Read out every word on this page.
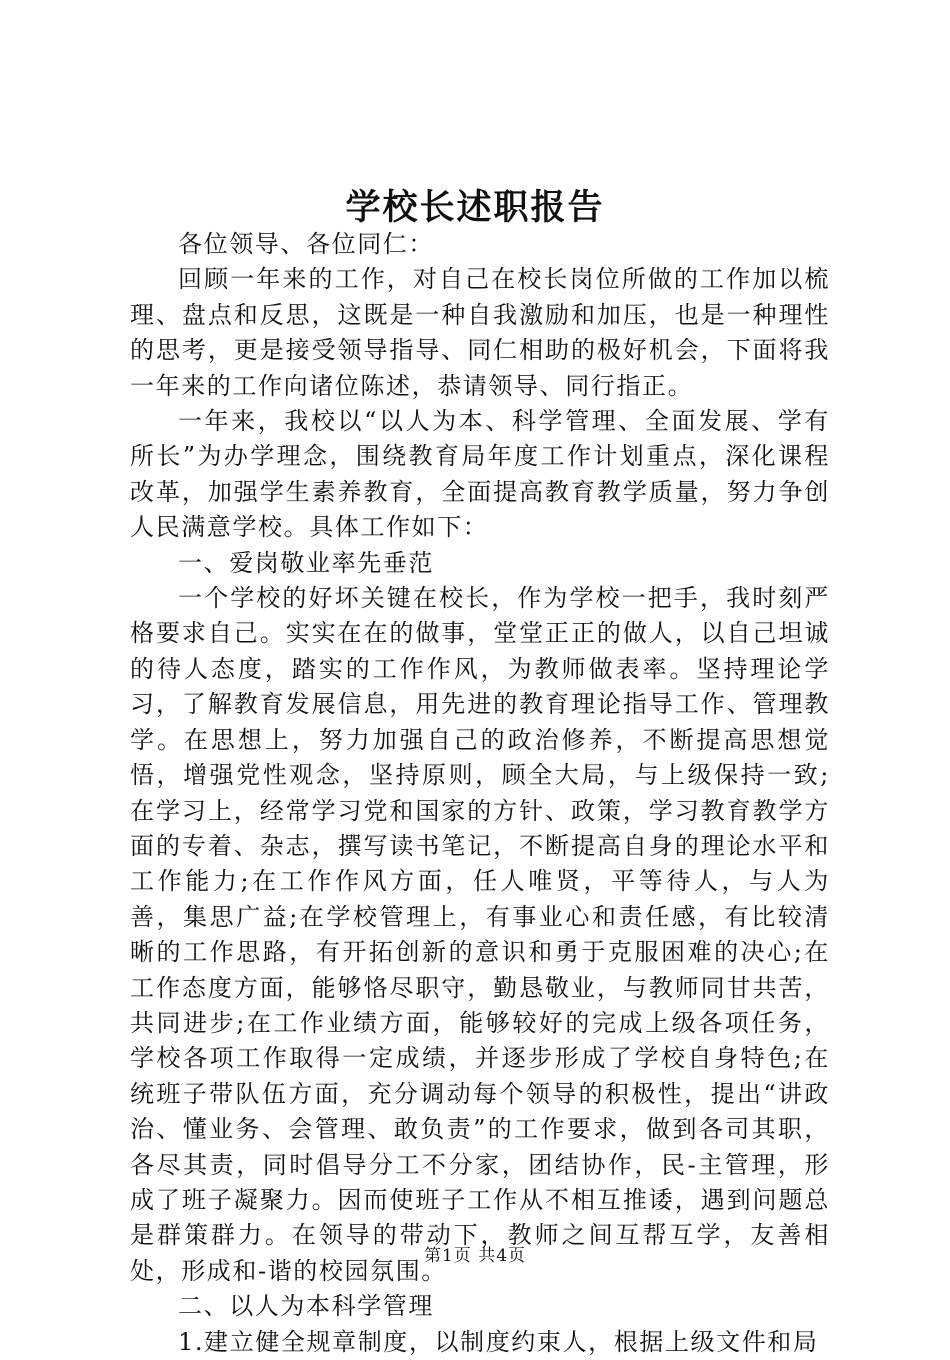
学校长述职报告

各位领导、各位同仁：

回顾一年来的工作，对自己在校长岗位所做的工作加以梳理、盘点和反思，这既是一种自我激励和加压，也是一种理性的思考，更是接受领导指导、同仁相助的极好机会，下面将我一年来的工作向诸位陈述，恭请领导、同行指正。

一年来，我校以“以人为本、科学管理、全面发展、学有所长”为办学理念，围绕教育局年度工作计划重点，深化课程改革，加强学生素养教育，全面提高教育教学质量，努力争创人民满意学校。具体工作如下：

一、爱岗敬业率先垂范

一个学校的好坏关键在校长，作为学校一把手，我时刻严格要求自己。实实在在的做事，堂堂正正的做人，以自己坦诚的待人态度，踏实的工作作风，为教师做表率。坚持理论学习，了解教育发展信息，用先进的教育理论指导工作、管理教学。在思想上，努力加强自己的政治修养，不断提高思想觉悟，增强党性观念，坚持原则，顾全大局，与上级保持一致;在学习上，经常学习党和国家的方针、政策，学习教育教学方面的专着、杂志，撰写读书笔记，不断提高自身的理论水平和工作能力;在工作作风方面，任人唯贤，平等待人，与人为善，集思广益;在学校管理上，有事业心和责任感，有比较清晰的工作思路，有开拓创新的意识和勇于克服困难的决心;在工作态度方面，能够恪尽职守，勤恳敬业，与教师同甘共苦，共同进步;在工作业绩方面，能够较好的完成上级各项任务，学校各项工作取得一定成绩，并逐步形成了学校自身特色;在统班子带队伍方面，充分调动每个领导的积极性，提出“讲政治、懂业务、会管理、敢负责”的工作要求，做到各司其职，各尽其责，同时倡导分工不分家，团结协作，民-主管理，形成了班子凝聚力。因而使班子工作从不相互推诿，遇到问题总是群策群力。在领导的带动下，教师之间互帮互学，友善相处，形成和-谐的校园氛围。

二、以人为本科学管理

1.建立健全规章制度，以制度约束人，根据上级文件和局

第1页 共4页
